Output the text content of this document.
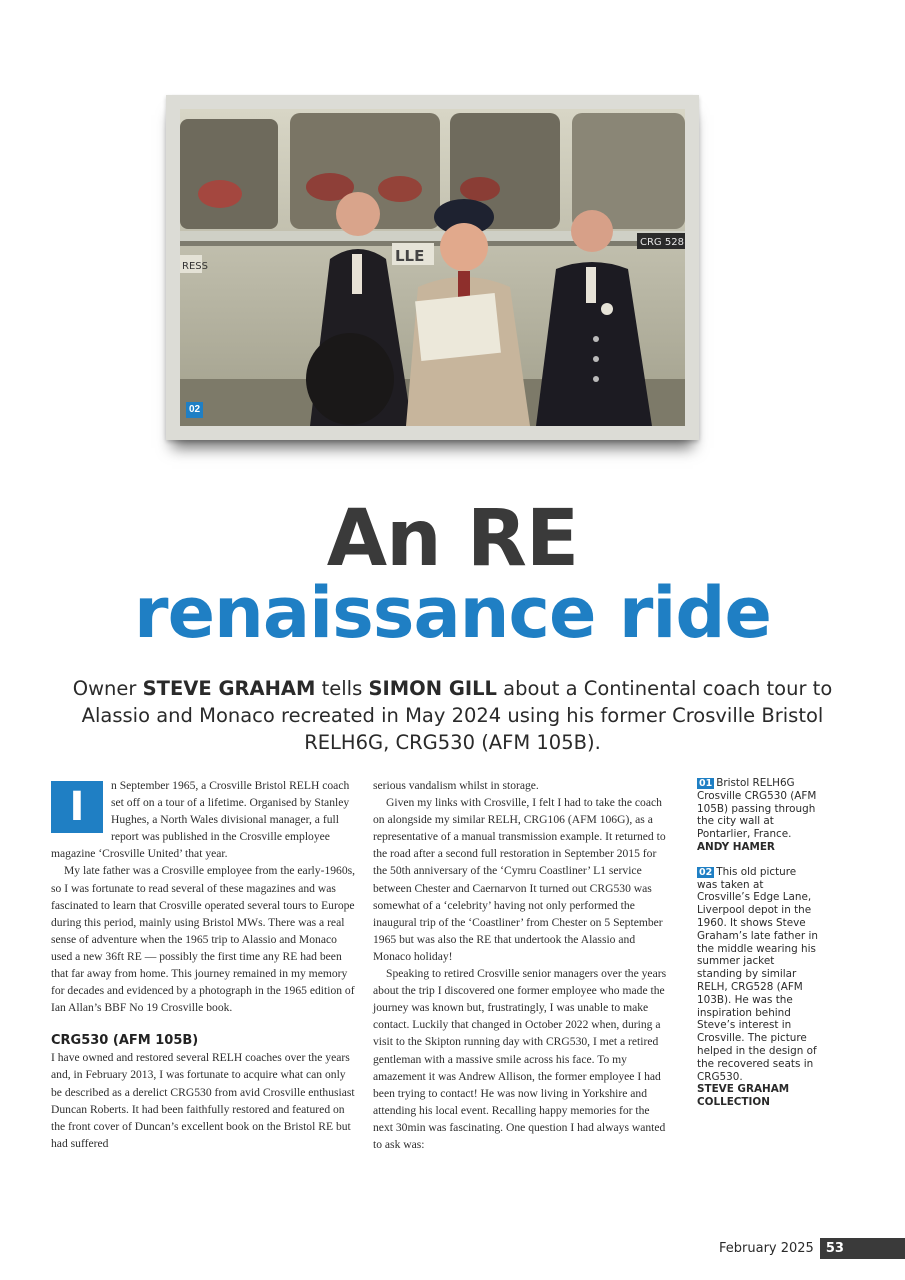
RESS
LLE
CRG 528
02
An RE
renaissance ride
Owner STEVE GRAHAM tells SIMON GILL about a Continental coach tour to Alassio and Monaco recreated in May 2024 using his former Crosville Bristol RELH6G, CRG530 (AFM 105B).

I	n September 1965, a Crosville Bristol RELH coach set off on a tour of a lifetime. Organised by Stanley Hughes, a North Wales divisional manager, a full report was published in the Crosville employee magazine ‘Crosville United’ that year.

My late father was a Crosville employee from the early-1960s, so I was fortunate to read several of these magazines and was fascinated to learn that Crosville operated several tours to Europe during this period, mainly using Bristol MWs. There was a real sense of adventure when the 1965 trip to Alassio and Monaco used a new 36ft RE — possibly the first time any RE had been that far away from home. This journey remained in my memory for decades and evidenced by a photograph in the 1965 edition of Ian Allan’s BBF No 19 Crosville book.

CRG530 (AFM 105B)

I have owned and restored several RELH coaches over the years and, in February 2013, I was fortunate to acquire what can only be described as a derelict CRG530 from avid Crosville enthusiast Duncan Roberts. It had been faithfully restored and featured on the front cover of Duncan’s excellent book on the Bristol RE but had suffered

serious vandalism whilst in storage.

Given my links with Crosville, I felt I had to take the coach on alongside my similar RELH, CRG106 (AFM 106G), as a representative of a manual transmission example. It returned to the road after a second full restoration in September 2015 for the 50th anniversary of the ‘Cymru Coastliner’ L1 service between Chester and Caernarvon It turned out CRG530 was somewhat of a ‘celebrity’ having not only performed the inaugural trip of the ‘Coastliner’ from Chester on 5 September 1965 but was also the RE that undertook the Alassio and Monaco holiday!

Speaking to retired Crosville senior managers over the years about the trip I discovered one former employee who made the journey was known but, frustratingly, I was unable to make contact. Luckily that changed in October 2022 when, during a visit to the Skipton running day with CRG530, I met a retired gentleman with a massive smile across his face. To my amazement it was Andrew Allison, the former employee I had been trying to contact! He was now living in Yorkshire and attending his local event. Recalling happy memories for the next 30min was fascinating. One question I had always wanted to ask was:

01 Bristol RELH6G Crosville CRG530 (AFM 105B) passing through the city wall at Pontarlier, France.
ANDY HAMER
02 This old picture was taken at Crosville’s Edge Lane, Liverpool depot in the 1960. It shows Steve Graham’s late father in the middle wearing his summer jacket standing by similar RELH, CRG528 (AFM 103B). He was the inspiration behind Steve’s interest in Crosville. The picture helped in the design of the recovered seats in CRG530.
STEVE GRAHAM COLLECTION
February 2025 53
